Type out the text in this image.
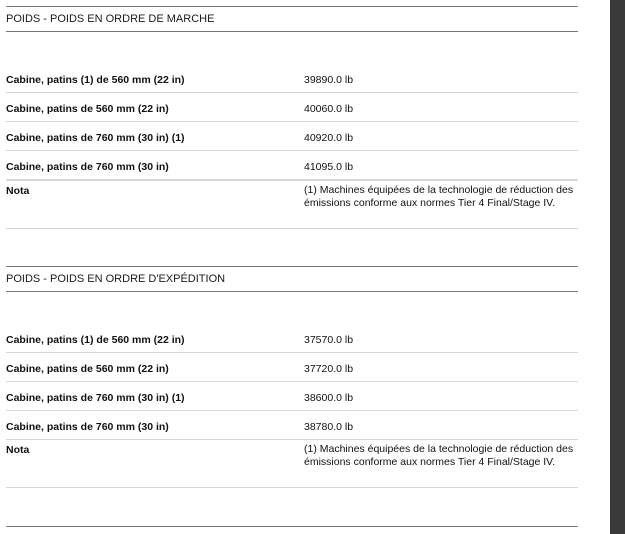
POIDS - POIDS EN ORDRE DE MARCHE
Cabine, patins (1) de 560 mm (22 in)	39890.0 lb
Cabine, patins de 560 mm (22 in)	40060.0 lb
Cabine, patins de 760 mm (30 in) (1)	40920.0 lb
Cabine, patins de 760 mm (30 in)	41095.0 lb
Nota	(1) Machines équipées de la technologie de réduction des émissions conforme aux normes Tier 4 Final/Stage IV.
POIDS - POIDS EN ORDRE D'EXPÉDITION
Cabine, patins (1) de 560 mm (22 in)	37570.0 lb
Cabine, patins de 560 mm (22 in)	37720.0 lb
Cabine, patins de 760 mm (30 in) (1)	38600.0 lb
Cabine, patins de 760 mm (30 in)	38780.0 lb
Nota	(1) Machines équipées de la technologie de réduction des émissions conforme aux normes Tier 4 Final/Stage IV.
